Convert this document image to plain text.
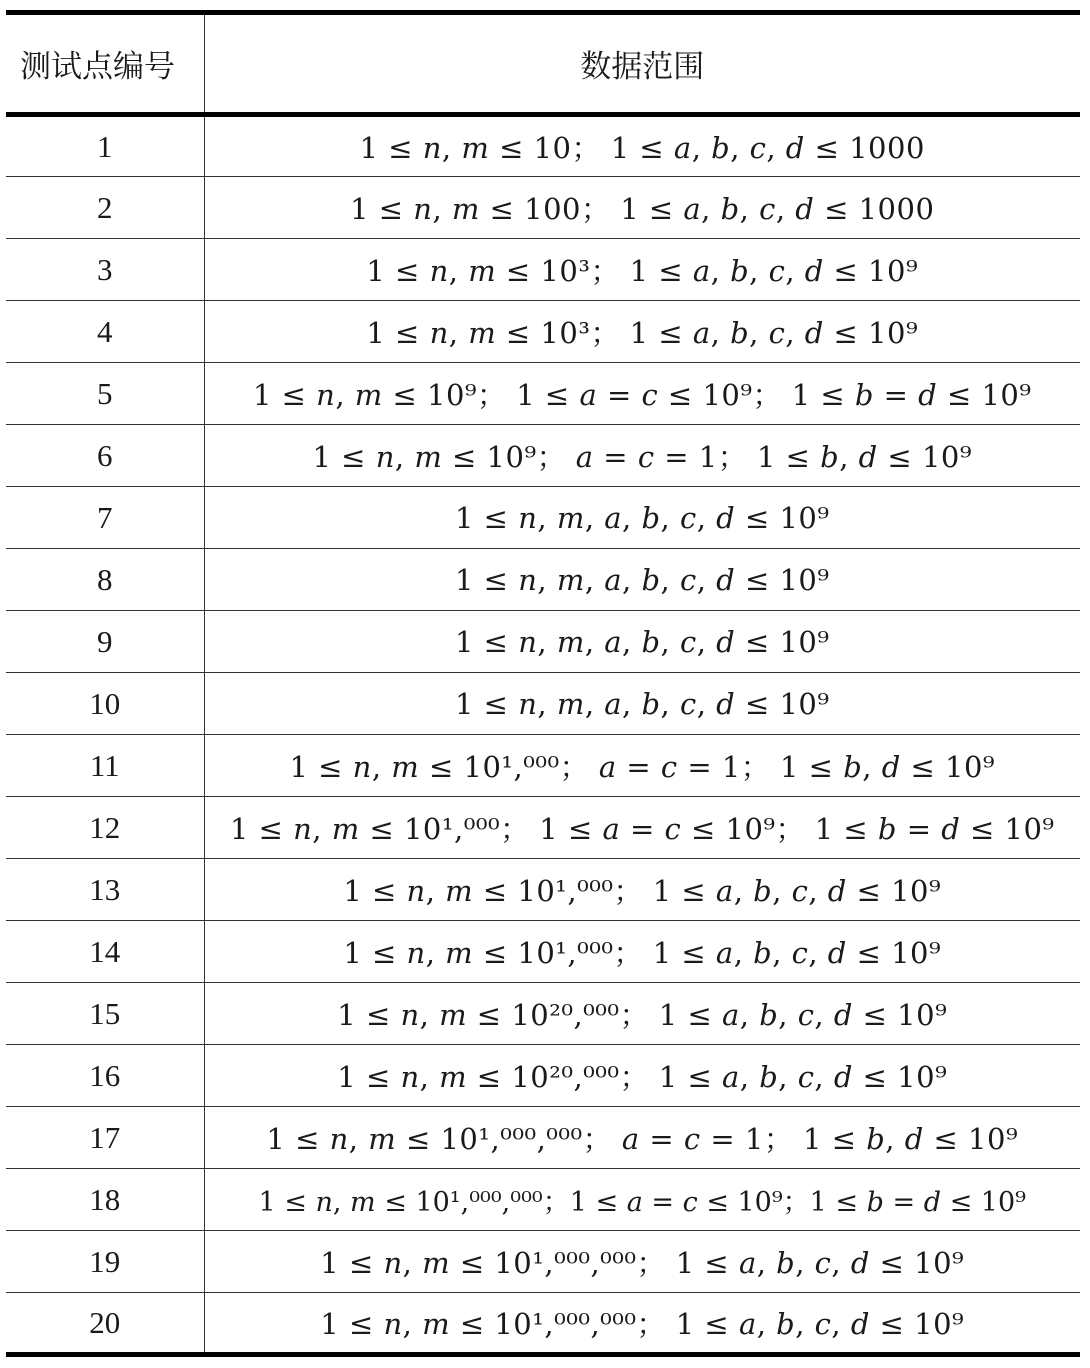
测试点编号	数据范围
1	1 ≤ 𝑛, 𝑚 ≤ 10； 1 ≤ 𝑎, 𝑏, 𝑐, 𝑑 ≤ 1000
2	1 ≤ 𝑛, 𝑚 ≤ 100； 1 ≤ 𝑎, 𝑏, 𝑐, 𝑑 ≤ 1000
3	1 ≤ 𝑛, 𝑚 ≤ 10³； 1 ≤ 𝑎, 𝑏, 𝑐, 𝑑 ≤ 10⁹
4	1 ≤ 𝑛, 𝑚 ≤ 10³； 1 ≤ 𝑎, 𝑏, 𝑐, 𝑑 ≤ 10⁹
5	1 ≤ 𝑛, 𝑚 ≤ 10⁹； 1 ≤ 𝑎 = 𝑐 ≤ 10⁹； 1 ≤ 𝑏 = 𝑑 ≤ 10⁹
6	1 ≤ 𝑛, 𝑚 ≤ 10⁹； 𝑎 = 𝑐 = 1； 1 ≤ 𝑏, 𝑑 ≤ 10⁹
7	1 ≤ 𝑛, 𝑚, 𝑎, 𝑏, 𝑐, 𝑑 ≤ 10⁹
8	1 ≤ 𝑛, 𝑚, 𝑎, 𝑏, 𝑐, 𝑑 ≤ 10⁹
9	1 ≤ 𝑛, 𝑚, 𝑎, 𝑏, 𝑐, 𝑑 ≤ 10⁹
10	1 ≤ 𝑛, 𝑚, 𝑎, 𝑏, 𝑐, 𝑑 ≤ 10⁹
11	1 ≤ 𝑛, 𝑚 ≤ 10¹,⁰⁰⁰； 𝑎 = 𝑐 = 1； 1 ≤ 𝑏, 𝑑 ≤ 10⁹
12	1 ≤ 𝑛, 𝑚 ≤ 10¹,⁰⁰⁰； 1 ≤ 𝑎 = 𝑐 ≤ 10⁹； 1 ≤ 𝑏 = 𝑑 ≤ 10⁹
13	1 ≤ 𝑛, 𝑚 ≤ 10¹,⁰⁰⁰； 1 ≤ 𝑎, 𝑏, 𝑐, 𝑑 ≤ 10⁹
14	1 ≤ 𝑛, 𝑚 ≤ 10¹,⁰⁰⁰； 1 ≤ 𝑎, 𝑏, 𝑐, 𝑑 ≤ 10⁹
15	1 ≤ 𝑛, 𝑚 ≤ 10²⁰,⁰⁰⁰； 1 ≤ 𝑎, 𝑏, 𝑐, 𝑑 ≤ 10⁹
16	1 ≤ 𝑛, 𝑚 ≤ 10²⁰,⁰⁰⁰； 1 ≤ 𝑎, 𝑏, 𝑐, 𝑑 ≤ 10⁹
17	1 ≤ 𝑛, 𝑚 ≤ 10¹,⁰⁰⁰,⁰⁰⁰； 𝑎 = 𝑐 = 1； 1 ≤ 𝑏, 𝑑 ≤ 10⁹
18	1 ≤ 𝑛, 𝑚 ≤ 10¹,⁰⁰⁰,⁰⁰⁰；1 ≤ 𝑎 = 𝑐 ≤ 10⁹；1 ≤ 𝑏 = 𝑑 ≤ 10⁹
19	1 ≤ 𝑛, 𝑚 ≤ 10¹,⁰⁰⁰,⁰⁰⁰； 1 ≤ 𝑎, 𝑏, 𝑐, 𝑑 ≤ 10⁹
20	1 ≤ 𝑛, 𝑚 ≤ 10¹,⁰⁰⁰,⁰⁰⁰； 1 ≤ 𝑎, 𝑏, 𝑐, 𝑑 ≤ 10⁹
